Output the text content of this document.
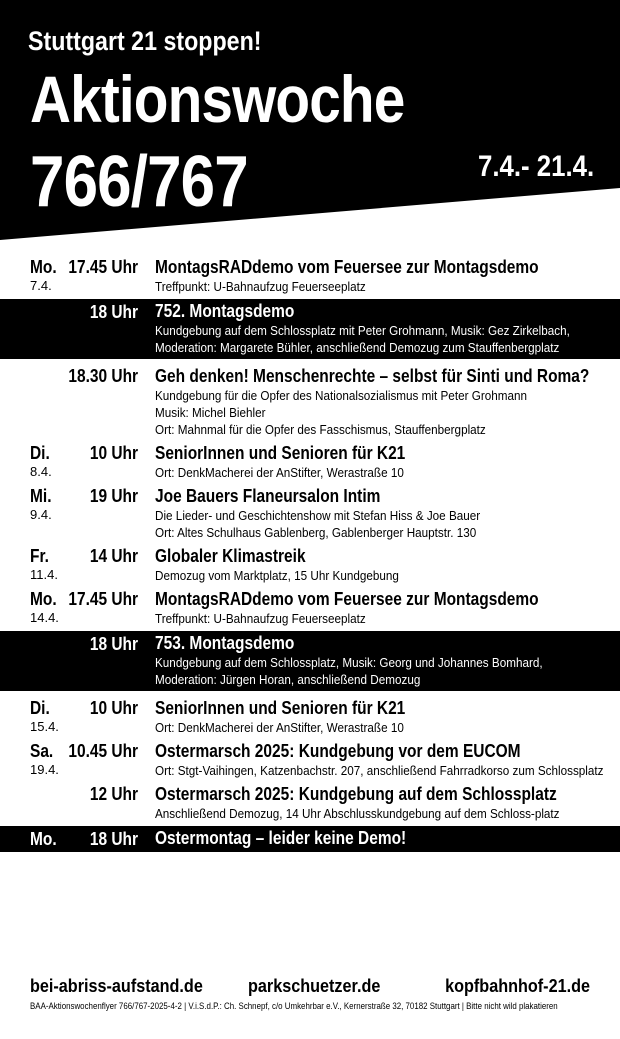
Stuttgart 21 stoppen!
Aktionswoche
766/767	7.4.- 21.4.
Mo.
7.4.
17.45 Uhr MontagsRADdemo vom Feuersee zur Montagsdemo
Treffpunkt: U-Bahnaufzug Feuerseeplatz
18 Uhr 752. Montagsdemo
Kundgebung auf dem Schlossplatz mit Peter Grohmann, Musik: Gez Zirkelbach, Moderation: Margarete Bühler, anschließend Demozug zum Stauffenbergplatz
18.30 Uhr Geh denken! Menschenrechte – selbst für Sinti und Roma?
Kundgebung für die Opfer des Nationalsozialismus mit Peter Grohmann
Musik: Michel Biehler
Ort: Mahnmal für die Opfer des Fasschismus, Stauffenbergplatz
Di.
8.4.
10 Uhr SeniorInnen und Senioren für K21
Ort: DenkMacherei der AnStifter, Werastraße 10
Mi.
9.4.
19 Uhr Joe Bauers Flaneursalon Intim
Die Lieder- und Geschichtenshow mit Stefan Hiss & Joe Bauer
Ort: Altes Schulhaus Gablenberg, Gablenberger Hauptstr. 130
Fr.
11.4.
14 Uhr Globaler Klimastreik
Demozug vom Marktplatz, 15 Uhr Kundgebung
Mo.
14.4.
17.45 Uhr MontagsRADdemo vom Feuersee zur Montagsdemo
Treffpunkt: U-Bahnaufzug Feuerseeplatz
18 Uhr 753. Montagsdemo
Kundgebung auf dem Schlossplatz, Musik: Georg und Johannes Bomhard, Moderation: Jürgen Horan, anschließend Demozug
Di.
15.4.
10 Uhr SeniorInnen und Senioren für K21
Ort: DenkMacherei der AnStifter, Werastraße 10
Sa.
19.4.
10.45 Uhr Ostermarsch 2025: Kundgebung vor dem EUCOM
Ort: Stgt-Vaihingen, Katzenbachstr. 207, anschließend Fahrradkorso zum Schlossplatz
12 Uhr Ostermarsch 2025: Kundgebung auf dem Schlossplatz
Anschließend Demozug, 14 Uhr Abschlusskundgebung auf dem Schloss-platz
Mo.
21.4.
18 Uhr Ostermontag – leider keine Demo!
bei-abriss-aufstand.de	parkschuetzer.de	kopfbahnhof-21.de
BAA-Aktionswochenflyer 766/767-2025-4-2 | V.i.S.d.P.: Ch. Schnepf, c/o Umkehrbar e.V., Kernerstraße 32, 70182 Stuttgart | Bitte nicht wild plakatieren
